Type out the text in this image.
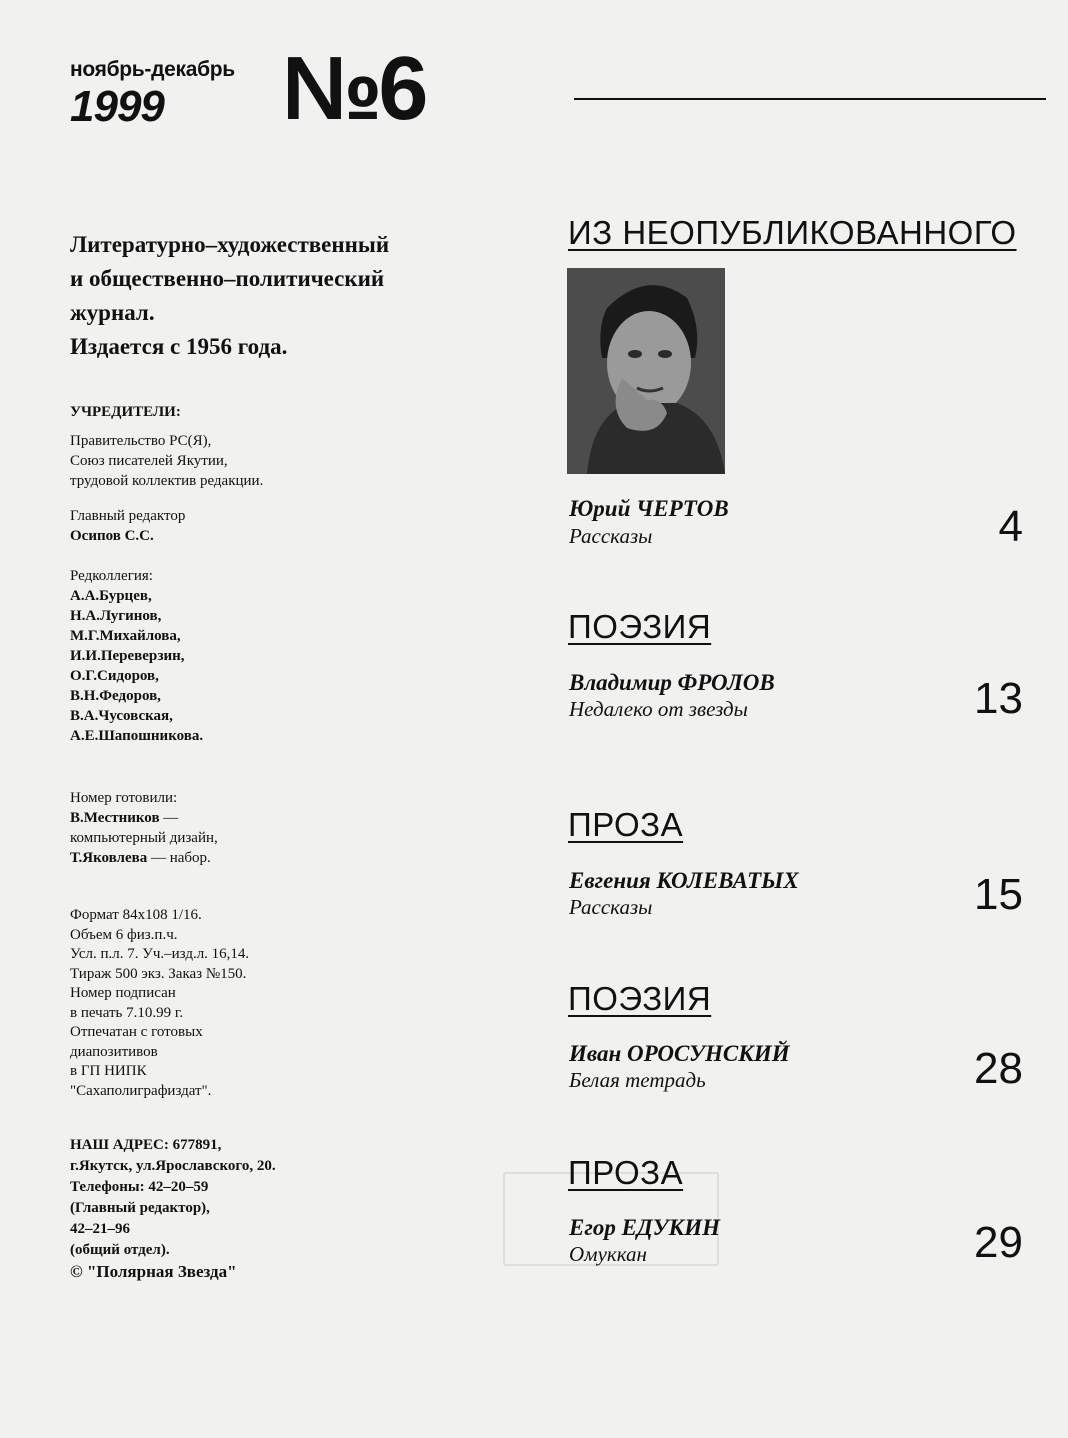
ноябрь-декабрь
1999 №6
Литературно–художественный
и общественно–политический
журнал.
Издается с 1956 года.
УЧРЕДИТЕЛИ:
Правительство РС(Я),
Союз писателей Якутии,
трудовой коллектив редакции.
Главный редактор
Осипов С.С.
Редколлегия:
А.А.Бурцев,
Н.А.Лугинов,
М.Г.Михайлова,
И.И.Переверзин,
О.Г.Сидоров,
В.Н.Федоров,
В.А.Чусовская,
А.Е.Шапошникова.
Номер готовили:
В.Местников —
компьютерный дизайн,
Т.Яковлева — набор.
Формат 84х108 1/16.
Объем 6 физ.п.ч.
Усл. п.л. 7. Уч.–изд.л. 16,14.
Тираж 500 экз. Заказ №150.
Номер подписан
в печать 7.10.99 г.
Отпечатан с готовых
диапозитивов
в ГП НИПК
"Сахаполиграфиздат".
НАШ АДРЕС: 677891,
г.Якутск, ул.Ярославского, 20.
Телефоны: 42–20–59
(Главный редактор),
42–21–96
(общий отдел).
© "Полярная Звезда"
ИЗ НЕОПУБЛИКОВАННОГО
Юрий ЧЕРТОВ
Рассказы	4
ПОЭЗИЯ
Владимир ФРОЛОВ
Недалеко от звезды	13
ПРОЗА
Евгения КОЛЕВАТЫХ
Рассказы	15
ПОЭЗИЯ
Иван ОРОСУНСКИЙ
Белая тетрадь	28
ПРОЗА
Егор ЕДУКИН
Омуккан	29
